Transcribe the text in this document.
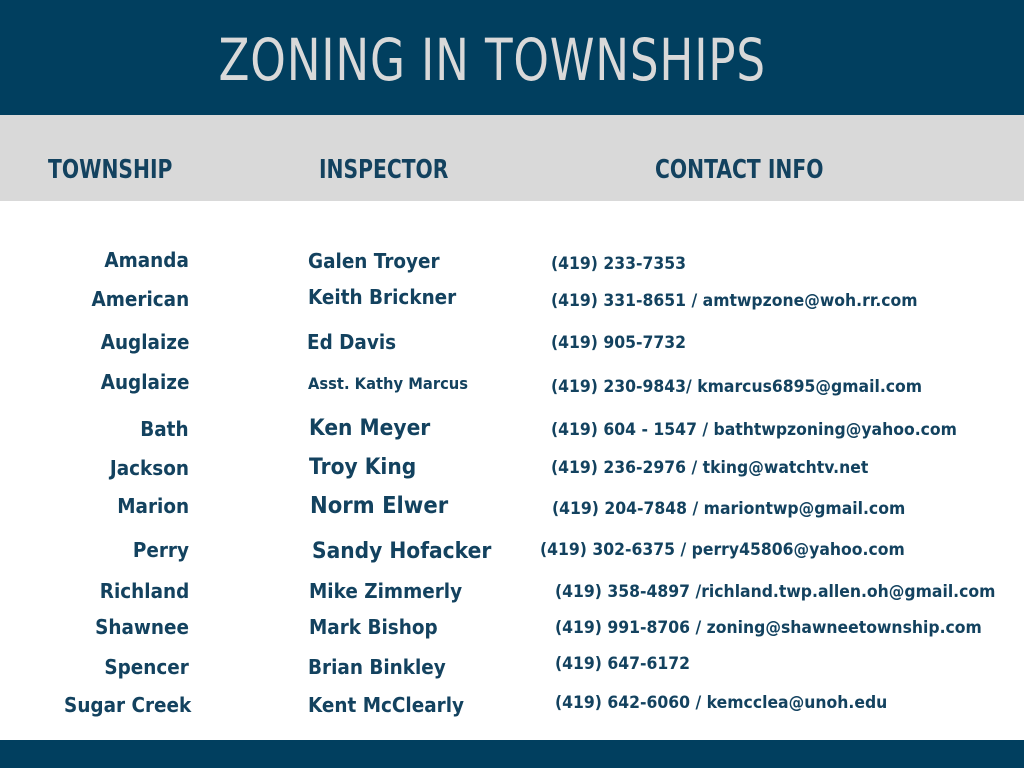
ZONING IN TOWNSHIPS
TOWNSHIP	INSPECTOR	CONTACT INFO
Amanda	Galen Troyer	(419) 233-7353
American	Keith Brickner	(419) 331-8651 / amtwpzone@woh.rr.com
Auglaize	Ed Davis	(419) 905-7732
Auglaize	Asst. Kathy Marcus	(419) 230-9843/ kmarcus6895@gmail.com
Bath	Ken Meyer	(419) 604 - 1547 / bathtwpzoning@yahoo.com
Jackson	Troy King	(419) 236-2976 / tking@watchtv.net
Marion	Norm Elwer	(419) 204-7848 / mariontwp@gmail.com
Perry	Sandy Hofacker	(419) 302-6375 / perry45806@yahoo.com
Richland	Mike Zimmerly	(419) 358-4897 /richland.twp.allen.oh@gmail.com
Shawnee	Mark Bishop	(419) 991-8706 / zoning@shawneetownship.com
Spencer	Brian Binkley	(419) 647-6172
Sugar Creek	Kent McClearly	(419) 642-6060 / kemcclea@unoh.edu
